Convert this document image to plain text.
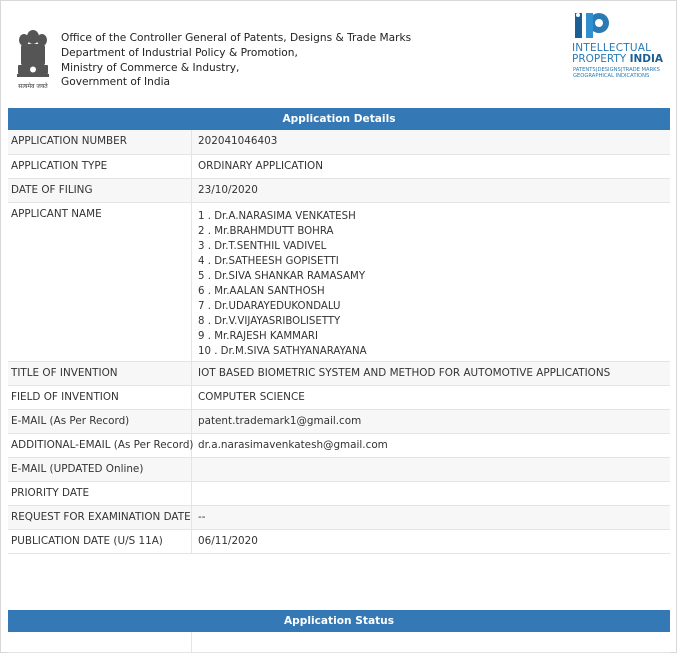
सत्यमेव जयते
Office of the Controller General of Patents, Designs & Trade Marks
Department of Industrial Policy & Promotion,
Ministry of Commerce & Industry,
Government of India
INTELLECTUAL
PROPERTY INDIA
PATENTS|DESIGNS|TRADE MARKS
GEOGRAPHICAL INDICATIONS
Application Details
APPLICATION NUMBER	202041046403
APPLICATION TYPE	ORDINARY APPLICATION
DATE OF FILING	23/10/2020
APPLICANT NAME	1 . Dr.A.NARASIMA VENKATESH
2 . Mr.BRAHMDUTT BOHRA
3 . Dr.T.SENTHIL VADIVEL
4 . Dr.SATHEESH GOPISETTI
5 . Dr.SIVA SHANKAR RAMASAMY
6 . Mr.AALAN SANTHOSH
7 . Dr.UDARAYEDUKONDALU
8 . Dr.V.VIJAYASRIBOLISETTY
9 . Mr.RAJESH KAMMARI
10 . Dr.M.SIVA SATHYANARAYANA
TITLE OF INVENTION	IOT BASED BIOMETRIC SYSTEM AND METHOD FOR AUTOMOTIVE APPLICATIONS
FIELD OF INVENTION	COMPUTER SCIENCE
E-MAIL (As Per Record)	patent.trademark1@gmail.com
ADDITIONAL-EMAIL (As Per Record) dr.a.narasimavenkatesh@gmail.com
E-MAIL (UPDATED Online)
PRIORITY DATE
REQUEST FOR EXAMINATION DATE --
PUBLICATION DATE (U/S 11A)	06/11/2020
Application Status
